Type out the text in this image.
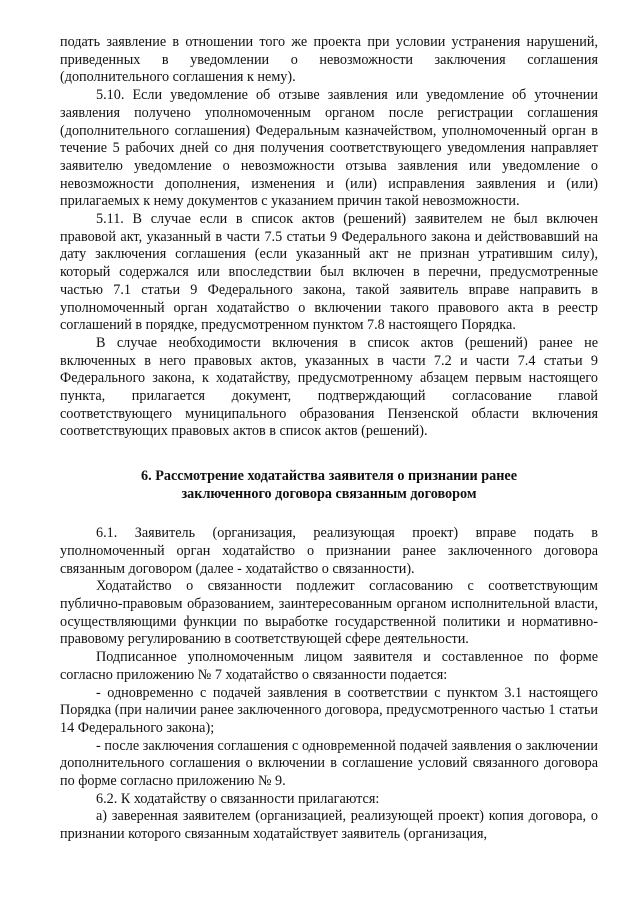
подать заявление в отношении того же проекта при условии устранения нарушений, приведенных в уведомлении о невозможности заключения соглашения (дополнительного соглашения к нему).

5.10. Если уведомление об отзыве заявления или уведомление об уточнении заявления получено уполномоченным органом после регистрации соглашения (дополнительного соглашения) Федеральным казначейством, уполномоченный орган в течение 5 рабочих дней со дня получения соответствующего уведомления направляет заявителю уведомление о невозможности отзыва заявления или уведомление о невозможности дополнения, изменения и (или) исправления заявления и (или) прилагаемых к нему документов с указанием причин такой невозможности.

5.11. В случае если в список актов (решений) заявителем не был включен правовой акт, указанный в части 7.5 статьи 9 Федерального закона и действовавший на дату заключения соглашения (если указанный акт не признан утратившим силу), который содержался или впоследствии был включен в перечни, предусмотренные частью 7.1 статьи 9 Федерального закона, такой заявитель вправе направить в уполномоченный орган ходатайство о включении такого правового акта в реестр соглашений в порядке, предусмотренном пунктом 7.8 настоящего Порядка.

В случае необходимости включения в список актов (решений) ранее не включенных в него правовых актов, указанных в части 7.2 и части 7.4 статьи 9 Федерального закона, к ходатайству, предусмотренному абзацем первым настоящего пункта, прилагается документ, подтверждающий согласование главой соответствующего муниципального образования Пензенской области включения соответствующих правовых актов в список актов (решений).

6. Рассмотрение ходатайства заявителя о признании ранее
заключенного договора связанным договором

6.1. Заявитель (организация, реализующая проект) вправе подать в уполномоченный орган ходатайство о признании ранее заключенного договора связанным договором (далее - ходатайство о связанности).

Ходатайство о связанности подлежит согласованию с соответствующим публично-правовым образованием, заинтересованным органом исполнительной власти, осуществляющими функции по выработке государственной политики и нормативно-правовому регулированию в соответствующей сфере деятельности.

Подписанное уполномоченным лицом заявителя и составленное по форме согласно приложению № 7 ходатайство о связанности подается:

- одновременно с подачей заявления в соответствии с пунктом 3.1 настоящего Порядка (при наличии ранее заключенного договора, предусмотренного частью 1 статьи 14 Федерального закона);

- после заключения соглашения с одновременной подачей заявления о заключении дополнительного соглашения о включении в соглашение условий связанного договора по форме согласно приложению № 9.

6.2. К ходатайству о связанности прилагаются:

а) заверенная заявителем (организацией, реализующей проект) копия договора, о признании которого связанным ходатайствует заявитель (организация,
